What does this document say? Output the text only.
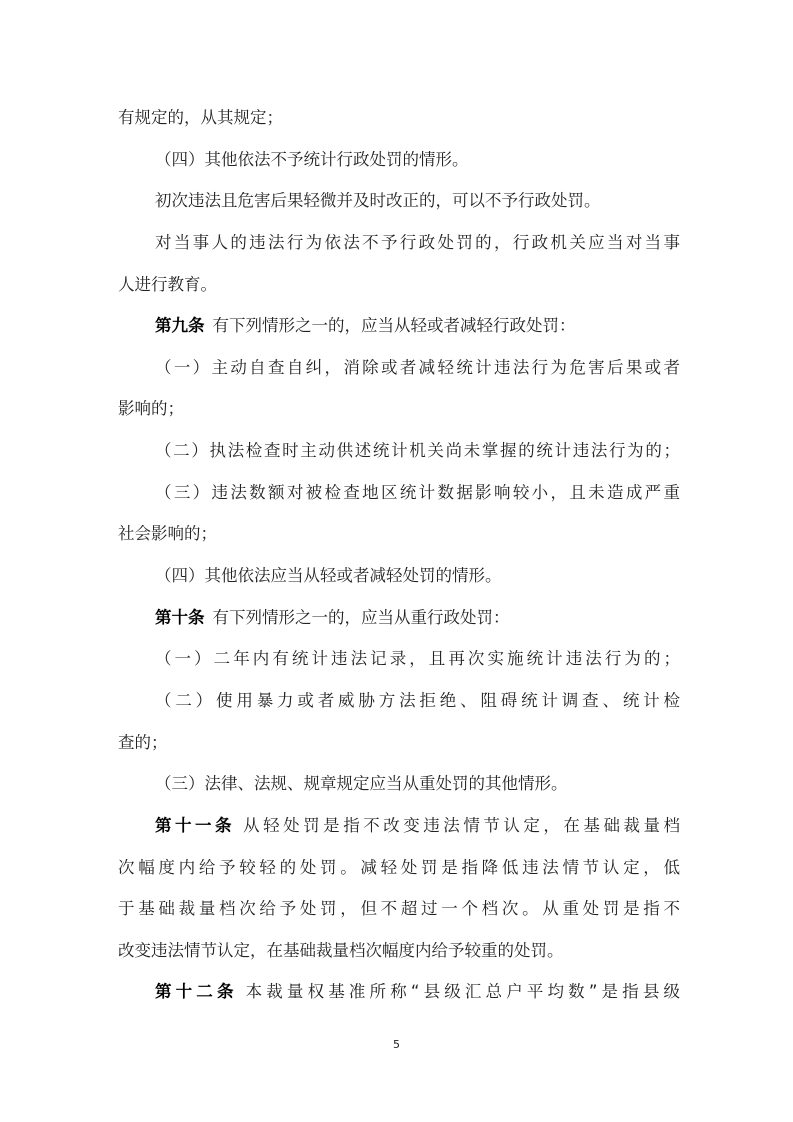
有规定的，从其规定；
（四）其他依法不予统计行政处罚的情形。
初次违法且危害后果轻微并及时改正的，可以不予行政处罚。
对当事人的违法行为依法不予行政处罚的，行政机关应当对当事
人进行教育。
第九条 有下列情形之一的，应当从轻或者减轻行政处罚：
（一）主动自查自纠，消除或者减轻统计违法行为危害后果或者
影响的；
（二）执法检查时主动供述统计机关尚未掌握的统计违法行为的；
（三）违法数额对被检查地区统计数据影响较小，且未造成严重
社会影响的；
（四）其他依法应当从轻或者减轻处罚的情形。
第十条 有下列情形之一的，应当从重行政处罚：
（一）二年内有统计违法记录，且再次实施统计违法行为的；
（二）使用暴力或者威胁方法拒绝、阻碍统计调查、统计检
查的；
（三）法律、法规、规章规定应当从重处罚的其他情形。
第十一条 从轻处罚是指不改变违法情节认定，在基础裁量档
次幅度内给予较轻的处罚。减轻处罚是指降低违法情节认定，低
于基础裁量档次给予处罚，但不超过一个档次。从重处罚是指不
改变违法情节认定，在基础裁量档次幅度内给予较重的处罚。
第十二条 本裁量权基准所称“县级汇总户平均数”是指县级
5
